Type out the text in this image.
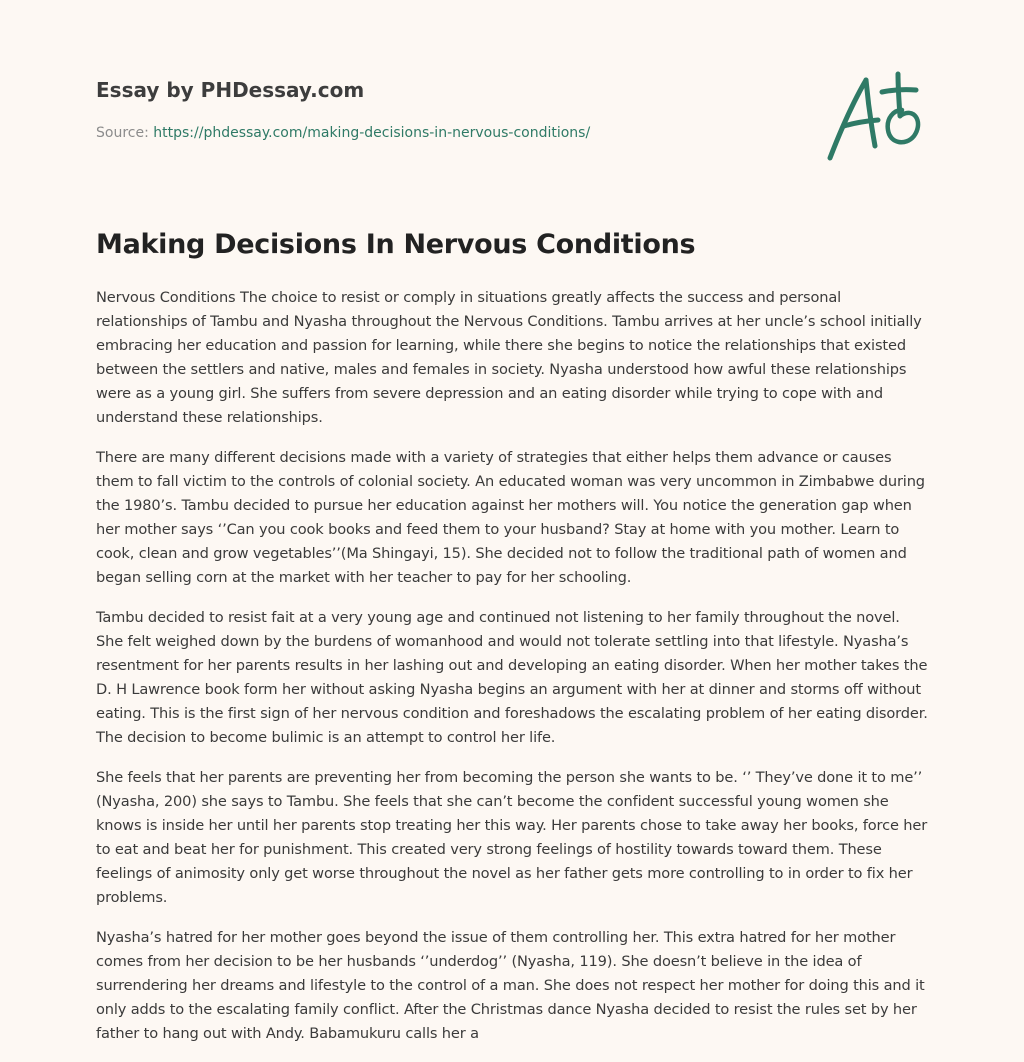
Essay by PHDessay.com
Source: https://phdessay.com/making-decisions-in-nervous-conditions/
Making Decisions In Nervous Conditions

Nervous Conditions The choice to resist or comply in situations greatly affects the success and personal relationships of Tambu and Nyasha throughout the Nervous Conditions. Tambu arrives at her uncle’s school initially embracing her education and passion for learning, while there she begins to notice the relationships that existed between the settlers and native, males and females in society. Nyasha understood how awful these relationships were as a young girl. She suffers from severe depression and an eating disorder while trying to cope with and understand these relationships.

There are many different decisions made with a variety of strategies that either helps them advance or causes them to fall victim to the controls of colonial society. An educated woman was very uncommon in Zimbabwe during the 1980’s. Tambu decided to pursue her education against her mothers will. You notice the generation gap when her mother says ‘’Can you cook books and feed them to your husband? Stay at home with you mother. Learn to cook, clean and grow vegetables’’(Ma Shingayi, 15). She decided not to follow the traditional path of women and began selling corn at the market with her teacher to pay for her schooling.

Tambu decided to resist fait at a very young age and continued not listening to her family throughout the novel. She felt weighed down by the burdens of womanhood and would not tolerate settling into that lifestyle. Nyasha’s resentment for her parents results in her lashing out and developing an eating disorder. When her mother takes the D. H Lawrence book form her without asking Nyasha begins an argument with her at dinner and storms off without eating. This is the first sign of her nervous condition and foreshadows the escalating problem of her eating disorder. The decision to become bulimic is an attempt to control her life.

She feels that her parents are preventing her from becoming the person she wants to be. ‘’ They’ve done it to me’’ (Nyasha, 200) she says to Tambu. She feels that she can’t become the confident successful young women she knows is inside her until her parents stop treating her this way. Her parents chose to take away her books, force her to eat and beat her for punishment. This created very strong feelings of hostility towards toward them. These feelings of animosity only get worse throughout the novel as her father gets more controlling to in order to fix her problems.

Nyasha’s hatred for her mother goes beyond the issue of them controlling her. This extra hatred for her mother comes from her decision to be her husbands ‘’underdog’’ (Nyasha, 119). She doesn’t believe in the idea of surrendering her dreams and lifestyle to the control of a man. She does not respect her mother for doing this and it only adds to the escalating family conflict. After the Christmas dance Nyasha decided to resist the rules set by her father to hang out with Andy. Babamukuru calls her a
